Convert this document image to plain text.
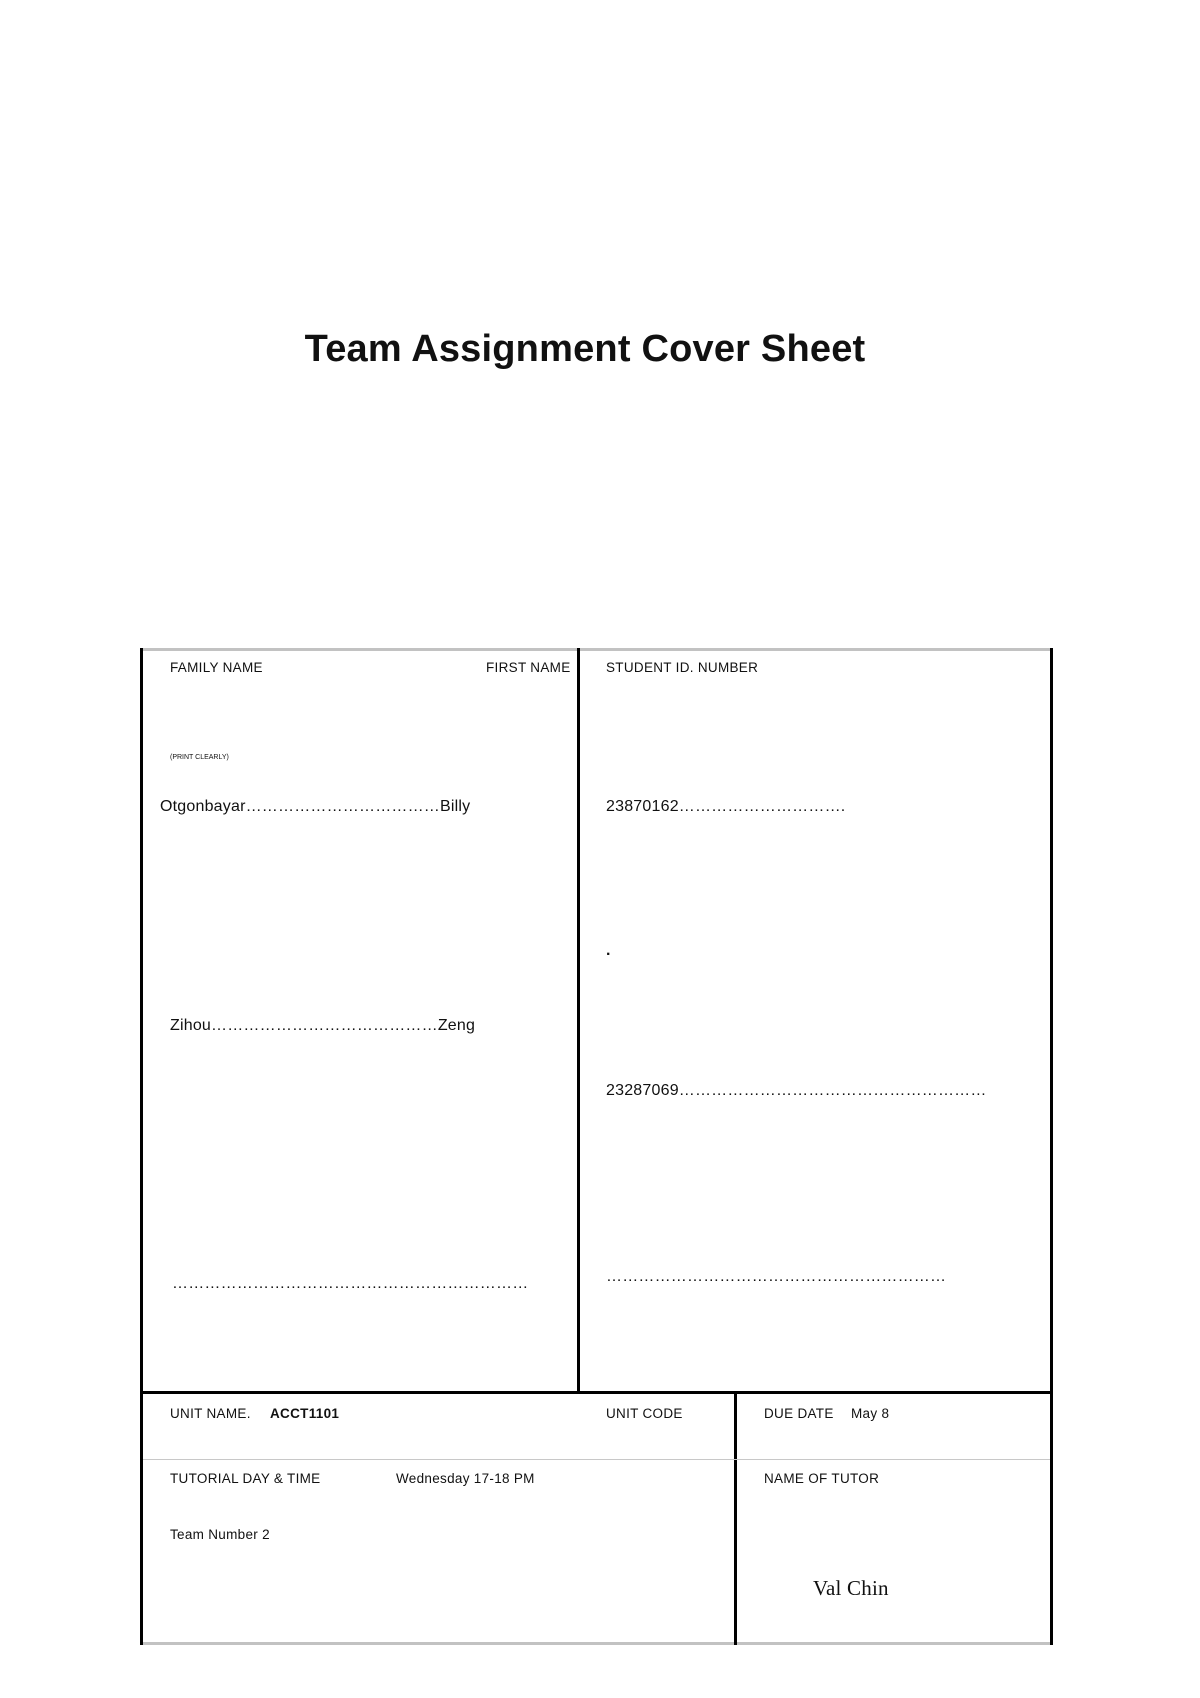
Team Assignment Cover Sheet
FAMILY NAME	FIRST NAME
(PRINT CLEARLY)
Otgonbayar………………………………Billy
Zihou……………………………………Zeng
…………………………………………………………
STUDENT ID. NUMBER
23870162………………………….
.
23287069…………………………………………………
………………………………………………………
UNIT NAME. ACCT1101	UNIT CODE	DUE DATE May 8
TUTORIAL DAY & TIME	Wednesday 17-18 PM
Team Number 2
NAME OF TUTOR
Val Chin
